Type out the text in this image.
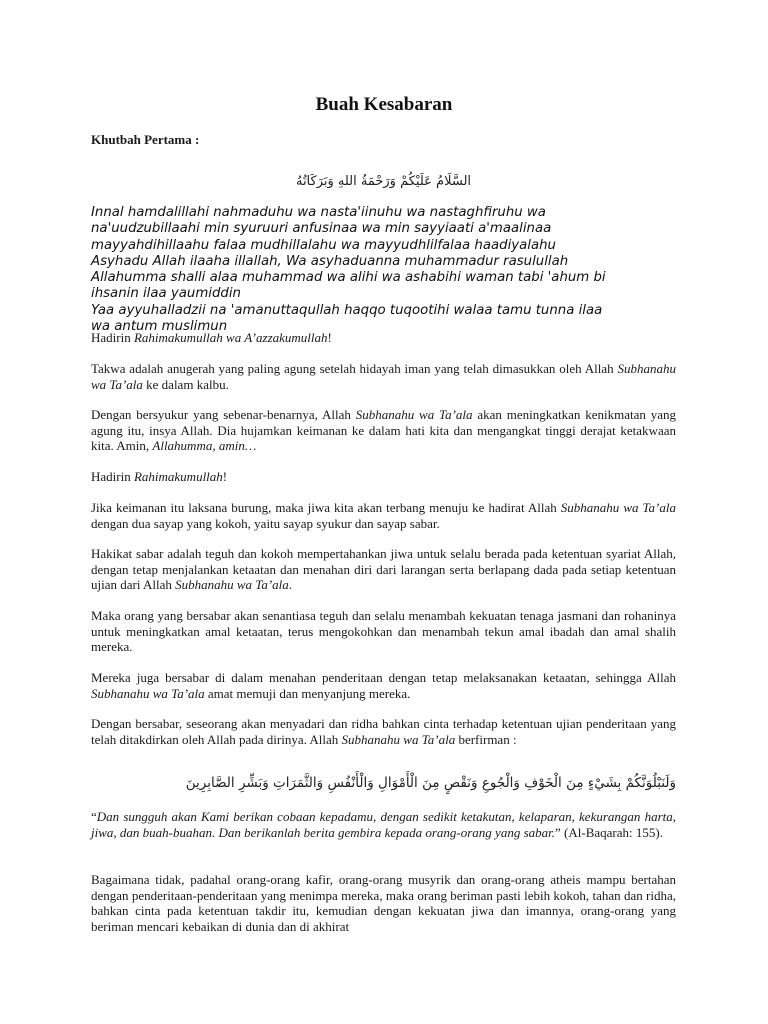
Buah Kesabaran
Khutbah Pertama :
السَّلَامُ عَلَيْكُمْ وَرَحْمَةُ اللهِ وَبَرَكَاتُهُ
Innal hamdalillahi nahmaduhu wa nasta'iinuhu wa nastaghfiruhu wa
na'uudzubillaahi min syuruuri anfusinaa wa min sayyiaati a'maalinaa
mayyahdihillaahu falaa mudhillalahu wa mayyudhlilfalaa haadiyalahu
Asyhadu Allah ilaaha illallah, Wa asyhaduanna muhammadur rasulullah
Allahumma shalli alaa muhammad wa alihi wa ashabihi waman tabi 'ahum bi
ihsanin ilaa yaumiddin
Yaa ayyuhalladzii na 'amanuttaqullah haqqo tuqootihi walaa tamu tunna ilaa
wa antum muslimun

Hadirin Rahimakumullah wa A’azzakumullah!

Takwa adalah anugerah yang paling agung setelah hidayah iman yang telah dimasukkan oleh Allah Subhanahu wa Ta’ala ke dalam kalbu.

Dengan bersyukur yang sebenar-benarnya, Allah Subhanahu wa Ta’ala akan meningkatkan kenikmatan yang agung itu, insya Allah. Dia hujamkan keimanan ke dalam hati kita dan mengangkat tinggi derajat ketakwaan kita. Amin, Allahumma, amin…

Hadirin Rahimakumullah!

Jika keimanan itu laksana burung, maka jiwa kita akan terbang menuju ke hadirat Allah Subhanahu wa Ta’ala dengan dua sayap yang kokoh, yaitu sayap syukur dan sayap sabar.

Hakikat sabar adalah teguh dan kokoh mempertahankan jiwa untuk selalu berada pada ketentuan syariat Allah, dengan tetap menjalankan ketaatan dan menahan diri dari larangan serta berlapang dada pada setiap ketentuan ujian dari Allah Subhanahu wa Ta’ala.

Maka orang yang bersabar akan senantiasa teguh dan selalu menambah kekuatan tenaga jasmani dan rohaninya untuk meningkatkan amal ketaatan, terus mengokohkan dan menambah tekun amal ibadah dan amal shalih mereka.

Mereka juga bersabar di dalam menahan penderitaan dengan tetap melaksanakan ketaatan, sehingga Allah Subhanahu wa Ta’ala amat memuji dan menyanjung mereka.

Dengan bersabar, seseorang akan menyadari dan ridha bahkan cinta terhadap ketentuan ujian penderitaan yang telah ditakdirkan oleh Allah pada dirinya. Allah Subhanahu wa Ta’ala berfirman :

وَلَنَبْلُوَنَّكُمْ بِشَيْءٍ مِنَ الْخَوْفِ وَالْجُوعِ وَنَقْصٍ مِنَ الْأَمْوَالِ وَالْأَنْفُسِ وَالثَّمَرَاتِ وَبَشِّرِ الصَّابِرِينَ

“Dan sungguh akan Kami berikan cobaan kepadamu, dengan sedikit ketakutan, kelaparan, kekurangan harta, jiwa, dan buah-buahan. Dan berikanlah berita gembira kepada orang-orang yang sabar.” (Al-Baqarah: 155).

Bagaimana tidak, padahal orang-orang kafir, orang-orang musyrik dan orang-orang atheis mampu bertahan dengan penderitaan-penderitaan yang menimpa mereka, maka orang beriman pasti lebih kokoh, tahan dan ridha, bahkan cinta pada ketentuan takdir itu, kemudian dengan kekuatan jiwa dan imannya, orang-orang yang beriman mencari kebaikan di dunia dan di akhirat
